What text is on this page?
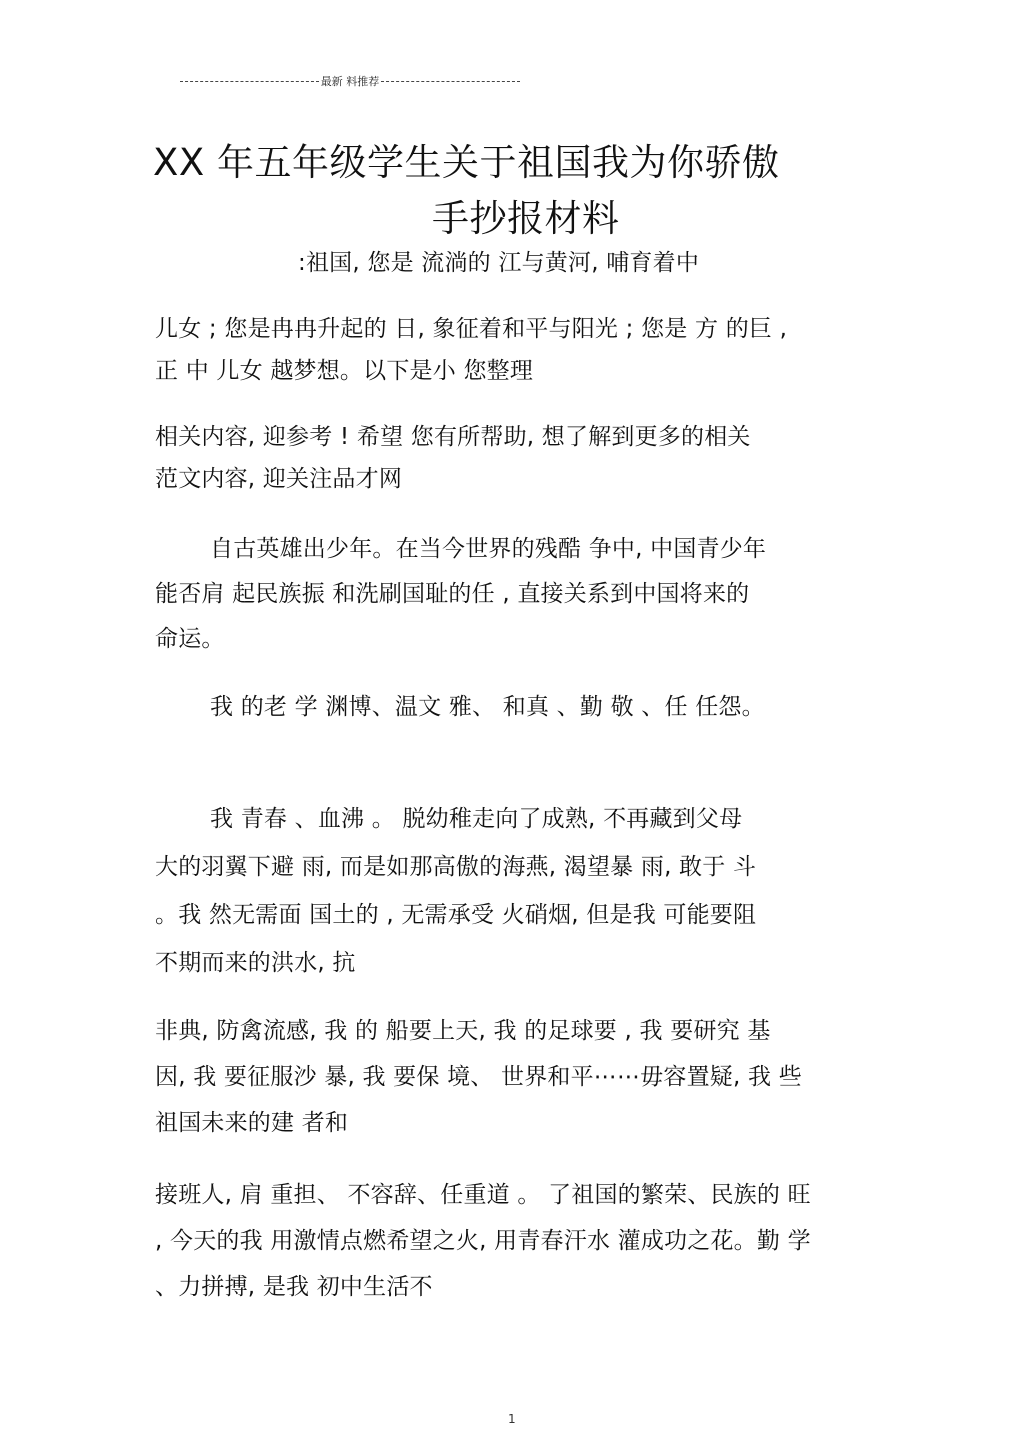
最新 料推荐
XX 年五年级学生关于祖国我为你骄傲
手抄报材料
:祖国, 您是 流淌的 江与黄河, 哺育着中
儿女 ; 您是冉冉升起的 日, 象征着和平与阳光 ; 您是 方 的巨 ,
正 中 儿女 越梦想。以下是小 您整理
相关内容, 迎参考 ! 希望 您有所帮助, 想了解到更多的相关
范文内容, 迎关注品才网
自古英雄出少年。在当今世界的残酷 争中, 中国青少年
能否肩 起民族振 和洗刷国耻的任 , 直接关系到中国将来的
命运。
我 的老 学 渊博、温文 雅、 和真 、勤 敬 、任 任怨。
我 青春 、血沸 。 脱幼稚走向了成熟, 不再藏到父母
大的羽翼下避 雨, 而是如那高傲的海燕, 渴望暴 雨, 敢于 斗
。我 然无需面 国土的 , 无需承受 火硝烟, 但是我 可能要阻
不期而来的洪水, 抗
非典, 防禽流感, 我 的 船要上天, 我 的足球要 , 我 要研究 基
因, 我 要征服沙 暴, 我 要保 境、 世界和平⋯⋯毋容置疑, 我 些
祖国未来的建 者和
接班人, 肩 重担、 不容辞、任重道 。 了祖国的繁荣、民族的 旺
, 今天的我 用激情点燃希望之火, 用青春汗水 灌成功之花。勤 学
、力拼搏, 是我 初中生活不
1
